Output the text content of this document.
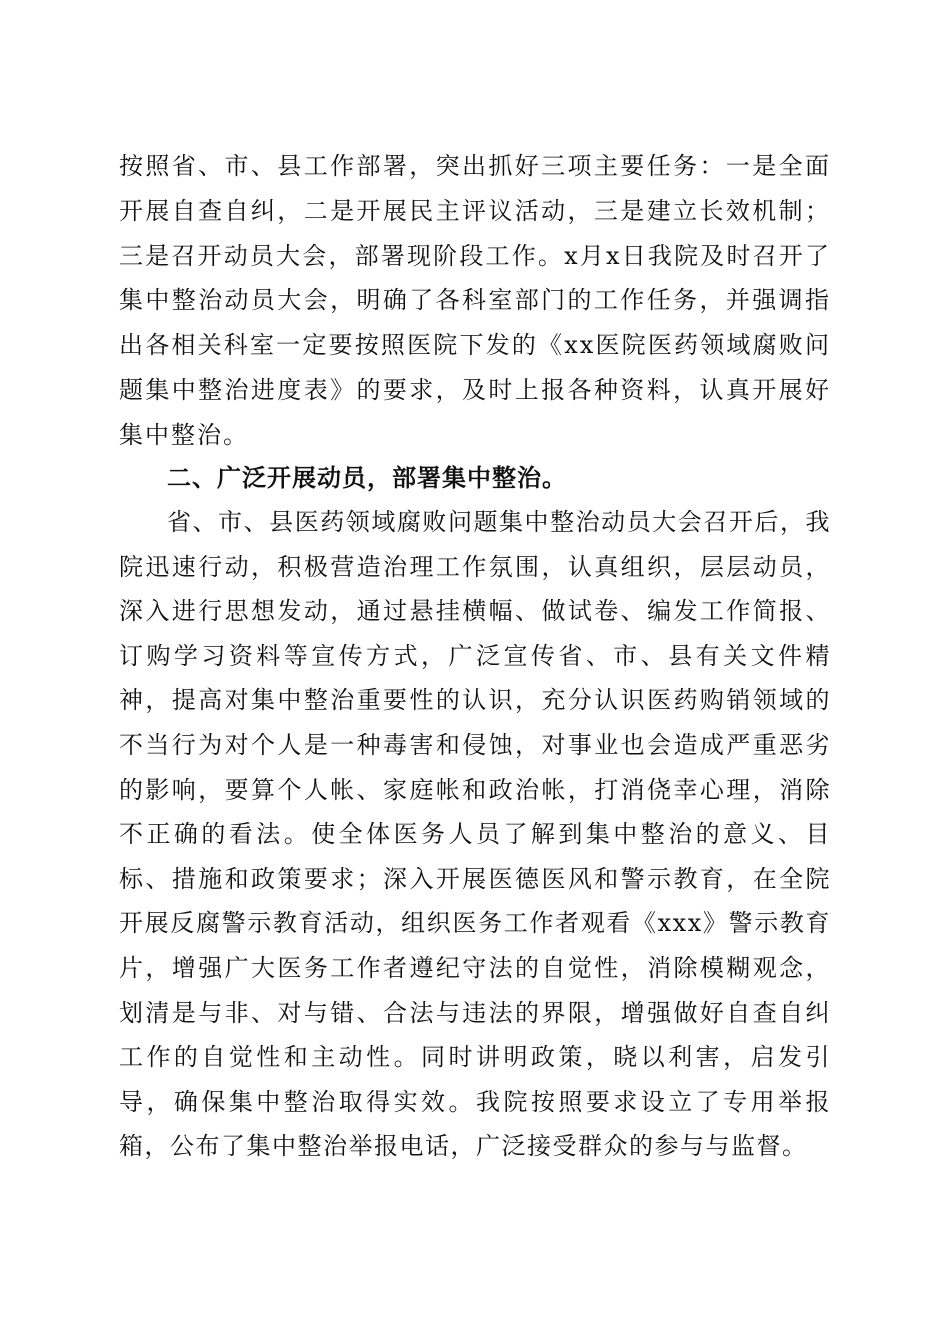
按照省、市、县工作部署，突出抓好三项主要任务：一是全面开展自查自纠，二是开展民主评议活动，三是建立长效机制；三是召开动员大会，部署现阶段工作。x月x日我院及时召开了集中整治动员大会，明确了各科室部门的工作任务，并强调指出各相关科室一定要按照医院下发的《xx医院医药领域腐败问题集中整治进度表》的要求，及时上报各种资料，认真开展好集中整治。
二、广泛开展动员，部署集中整治。
省、市、县医药领域腐败问题集中整治动员大会召开后，我院迅速行动，积极营造治理工作氛围，认真组织，层层动员，深入进行思想发动，通过悬挂横幅、做试卷、编发工作简报、订购学习资料等宣传方式，广泛宣传省、市、县有关文件精神，提高对集中整治重要性的认识，充分认识医药购销领域的不当行为对个人是一种毒害和侵蚀，对事业也会造成严重恶劣的影响，要算个人帐、家庭帐和政治帐，打消侥幸心理，消除不正确的看法。使全体医务人员了解到集中整治的意义、目标、措施和政策要求；深入开展医德医风和警示教育，在全院开展反腐警示教育活动，组织医务工作者观看《xxx》警示教育片，增强广大医务工作者遵纪守法的自觉性，消除模糊观念，划清是与非、对与错、合法与违法的界限，增强做好自查自纠工作的自觉性和主动性。同时讲明政策，晓以利害，启发引导，确保集中整治取得实效。我院按照要求设立了专用举报箱，公布了集中整治举报电话，广泛接受群众的参与与监督。
